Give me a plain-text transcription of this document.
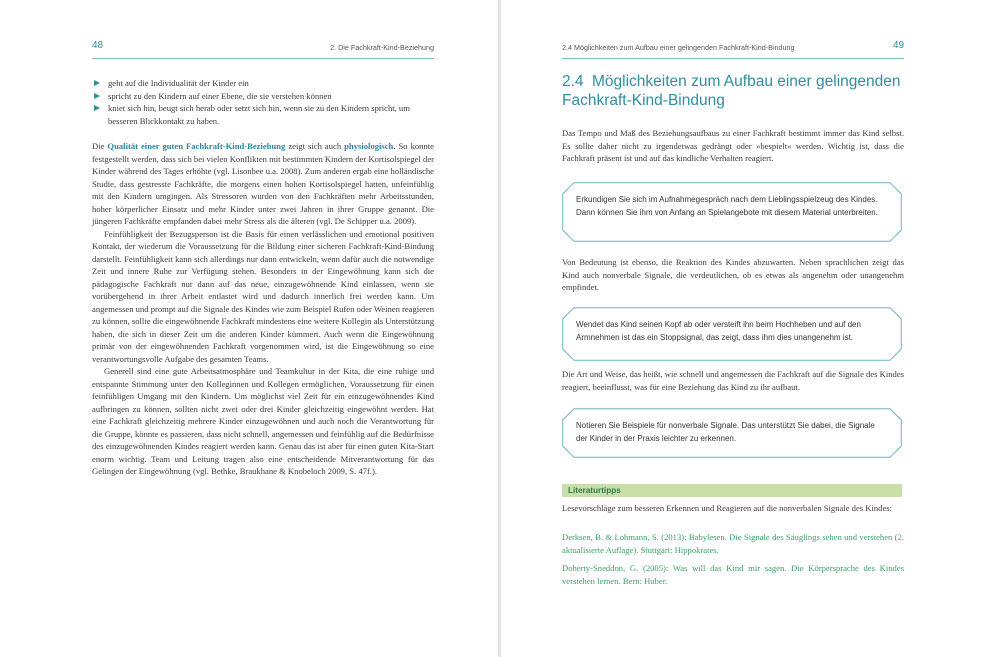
48	2. Die Fachkraft-Kind-Beziehung
geht auf die Individualität der Kinder ein
spricht zu den Kindern auf einer Ebene, die sie verstehen können
kniet sich hin, beugt sich herab oder setzt sich hin, wenn sie zu den Kindern spricht, um besseren Blickkontakt zu haben.

Die Qualität einer guten Fachkraft-Kind-Beziehung zeigt sich auch physiologisch. So konnte festgestellt werden, dass sich bei vielen Konflikten mit bestimmten Kindern der Kortisolspiegel der Kinder während des Tages erhöhte (vgl. Lisonbee u.a. 2008). Zum anderen ergab eine holländische Studie, dass gestresste Fachkräfte, die morgens einen hohen Kortisolspiegel hatten, unfeinfühlig mit den Kindern umgingen. Als Stressoren wurden von den Fachkräften mehr Arbeitsstunden, hoher körperlicher Einsatz und mehr Kinder unter zwei Jahren in ihrer Gruppe genannt. Die jüngeren Fachkräfte empfanden dabei mehr Stress als die älteren (vgl. De Schipper u.a. 2009).

Feinfühligkeit der Bezugsperson ist die Basis für einen verlässlichen und emotional positiven Kontakt, der wiederum die Voraussetzung für die Bildung einer sicheren Fachkraft-Kind-Bindung darstellt. Feinfühligkeit kann sich allerdings nur dann entwickeln, wenn dafür auch die notwendige Zeit und innere Ruhe zur Verfügung stehen. Besonders in der Eingewöhnung kann sich die pädagogische Fachkraft nur dann auf das neue, einzugewöhnende Kind einlassen, wenn sie vorübergehend in ihrer Arbeit entlastet wird und dadurch innerlich frei werden kann. Um angemessen und prompt auf die Signale des Kindes wie zum Beispiel Rufen oder Weinen reagieren zu können, sollte die eingewöhnende Fachkraft mindestens eine weitere Kollegin als Unterstützung haben, die sich in dieser Zeit um die anderen Kinder kümmert. Auch wenn die Eingewöhnung primär von der eingewöhnenden Fachkraft vorgenommen wird, ist die Eingewöhnung so eine verantwortungsvolle Aufgabe des gesamten Teams.

Generell sind eine gute Arbeitsatmosphäre und Teamkultur in der Kita, die eine ruhige und entspannte Stimmung unter den Kolleginnen und Kollegen ermöglichen, Voraussetzung für einen feinfühligen Umgang mit den Kindern. Um möglichst viel Zeit für ein einzugewöhnendes Kind aufbringen zu können, sollten nicht zwei oder drei Kinder gleichzeitig eingewöhnt werden. Hat eine Fachkraft gleichzeitig mehrere Kinder einzugewöhnen und auch noch die Verantwortung für die Gruppe, könnte es passieren, dass nicht schnell, angemessen und feinfühlig auf die Bedürfnisse des einzugewöhnenden Kindes reagiert werden kann. Genau das ist aber für einen guten Kita-Start enorm wichtig. Team und Leitung tragen also eine entscheidende Mitverantwortung für das Gelingen der Eingewöhnung (vgl. Bethke, Braukhane & Knobeloch 2009, S. 47f.).

2.4 Möglichkeiten zum Aufbau einer gelingenden Fachkraft-Kind-Bindung	49
2.4 Möglichkeiten zum Aufbau einer gelingenden Fachkraft-Kind-Bindung
Das Tempo und Maß des Beziehungsaufbaus zu einer Fachkraft bestimmt immer das Kind selbst. Es sollte daher nicht zu irgendetwas gedrängt oder »bespielt« werden. Wichtig ist, dass die Fachkraft präsent ist und auf das kindliche Verhalten reagiert.
Erkundigen Sie sich im Aufnahmegespräch nach dem Lieblingsspielzeug des Kindes. Dann können Sie ihm von Anfang an Spielangebote mit diesem Material unterbreiten.
Von Bedeutung ist ebenso, die Reaktion des Kindes abzuwarten. Neben sprachlichen zeigt das Kind auch nonverbale Signale, die verdeutlichen, ob es etwas als angenehm oder unangenehm empfindet.
Wendet das Kind seinen Kopf ab oder versteift ihn beim Hochheben und auf den Armnehmen ist das ein Stoppsignal, das zeigt, dass ihm dies unangenehm ist.
Die Art und Weise, das heißt, wie schnell und angemessen die Fachkraft auf die Signale des Kindes reagiert, beeinflusst, was für eine Beziehung das Kind zu ihr aufbaut.
Notieren Sie Beispiele für nonverbale Signale. Das unterstützt Sie dabei, die Signale der Kinder in der Praxis leichter zu erkennen.
Literaturtipps
Lesevorschläge zum besseren Erkennen und Reagieren auf die nonverbalen Signale des Kindes:
Derksen, B. & Lohmann, S. (2013): Babylesen. Die Signale des Säuglings sehen und verstehen (2. aktualisierte Auflage). Stuttgart: Hippokrates.
Doherty-Sneddon, G. (2005): Was will das Kind mir sagen. Die Körpersprache des Kindes verstehen lernen. Bern: Huber.
